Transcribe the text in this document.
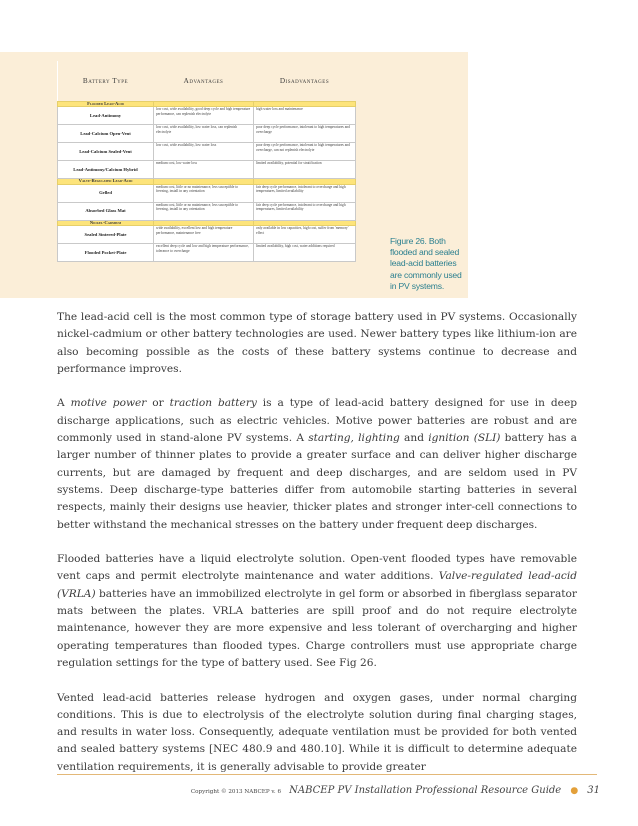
Battery Type	Advantages	Disadvantages
Flooded Lead-Acid		
Lead-Antimony	low cost, wide availability, good deep cycle and high temperature performance, can replenish electrolyte	high water loss and maintenance
Lead-Calcium Open-Vent	low cost, wide availability, low water loss, can replenish electrolyte	poor deep cycle performance, intolerant to high temperatures and overcharge
Lead-Calcium Sealed-Vent	low cost, wide availability, low water loss	poor deep cycle performance, intolerant to high temperatures and overcharge, can not replenish electrolyte
Lead-Antimony/Calcium Hybrid	medium cost, low water loss	limited availability, potential for stratification
Valve-Regulated Lead-Acid		
Gelled	medium cost, little or no maintenance, less susceptible to freezing, install in any orientation	fair deep cycle performance, intolerant to overcharge and high temperatures, limited availability
Absorbed Glass Mat	medium cost, little or no maintenance, less susceptible to freezing, install in any orientation	fair deep cycle performance, intolerant to overcharge and high temperatures, limited availability
Nickel-Cadmium		
Sealed Sintered-Plate	wide availability, excellent low and high temperature performance, maintenance free	only available in low capacities, high cost, suffer from 'memory' effect
Flooded Pocket-Plate	excellent deep cycle and low and high temperature performance, tolerance to overcharge	limited availability, high cost, water additions required
Figure 26. Both flooded and sealed lead-acid batteries are commonly used in PV systems.

The lead-acid cell is the most common type of storage battery used in PV systems. Occasionally nickel-cadmium or other battery technologies are used. Newer battery types like lithium-ion are also becoming possible as the costs of these battery systems continue to decrease and performance improves.

A motive power or traction battery is a type of lead-acid battery designed for use in deep discharge applications, such as electric vehicles. Motive power batteries are robust and are commonly used in stand-alone PV systems. A starting, lighting and ignition (SLI) battery has a larger number of thinner plates to provide a greater surface and can deliver higher discharge currents, but are damaged by frequent and deep discharges, and are seldom used in PV systems. Deep discharge-type batteries differ from automobile starting batteries in several respects, mainly their designs use heavier, thicker plates and stronger inter-cell connections to better withstand the mechanical stresses on the battery under frequent deep discharges.

Flooded batteries have a liquid electrolyte solution. Open-vent flooded types have removable vent caps and permit electrolyte maintenance and water additions. Valve-regulated lead-acid (VRLA) batteries have an immobilized electrolyte in gel form or absorbed in fiberglass separator mats between the plates. VRLA batteries are spill proof and do not require electrolyte maintenance, however they are more expensive and less tolerant of overcharging and higher operating temperatures than flooded types. Charge controllers must use appropriate charge regulation settings for the type of battery used. See Fig 26.

Vented lead-acid batteries release hydrogen and oxygen gases, under normal charging conditions. This is due to electrolysis of the electrolyte solution during final charging stages, and results in water loss. Consequently, adequate ventilation must be provided for both vented and sealed battery systems [NEC 480.9 and 480.10]. While it is difficult to determine adequate ventilation requirements, it is generally advisable to provide greater

Copyright © 2013 NABCEP v. 6 NABCEP PV Installation Professional Resource Guide ● 31
